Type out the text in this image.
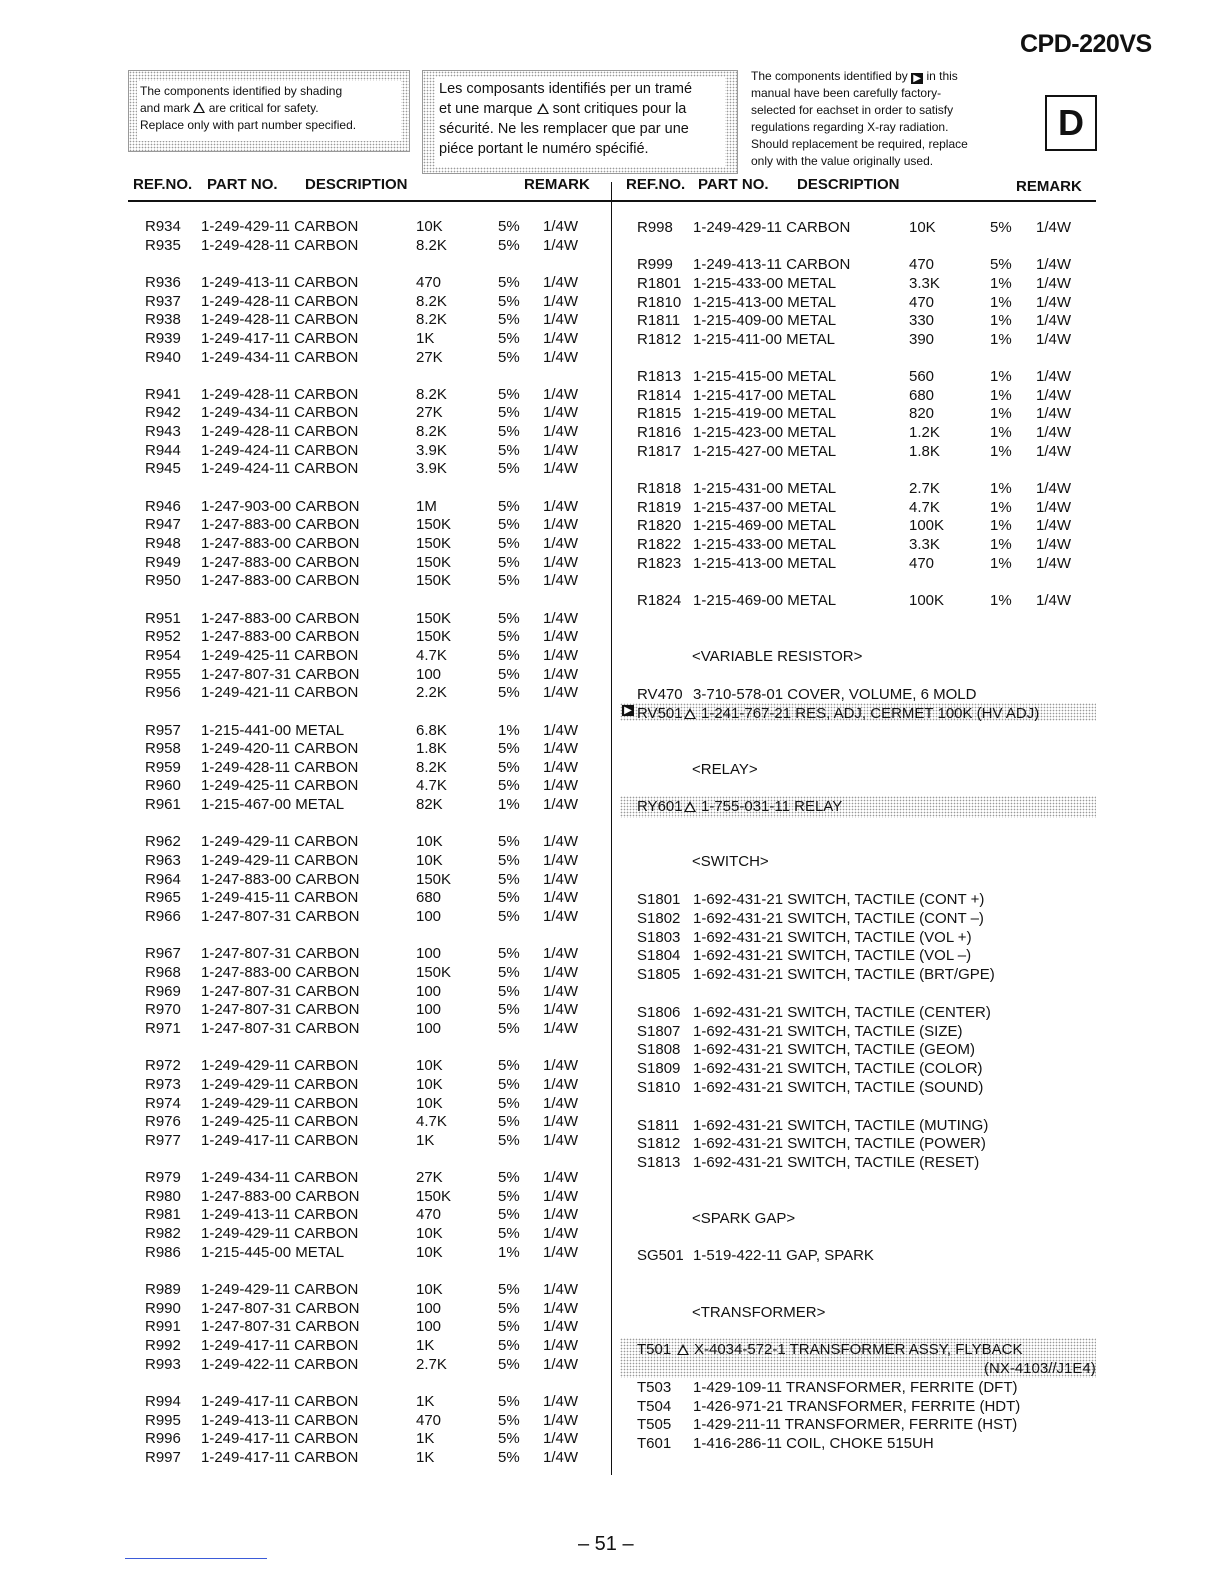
CPD-220VS
The components identified by shading
and mark are critical for safety.
Replace only with part number specified.
Les composants identifiés per un tramé
et une marque sont critiques pour la
sécurité. Ne les remplacer que par une
piéce portant le numéro spécifié.
The components identified by ▶ in this
manual have been carefully factory-
selected for eachset in order to satisfy
regulations regarding X-ray radiation.
Should replacement be required, replace
only with the value originally used.
D
REF.NO. PART NO. DESCRIPTION	REMARK REF.NO. PART NO. DESCRIPTION	REMARK
R934 1-249-429-11 CARBON	10K	5% 1/4W
R935 1-249-428-11 CARBON	8.2K	5% 1/4W
R936 1-249-413-11 CARBON	470	5% 1/4W
R937 1-249-428-11 CARBON	8.2K	5% 1/4W
R938 1-249-428-11 CARBON	8.2K	5% 1/4W
R939 1-249-417-11 CARBON	1K	5% 1/4W
R940 1-249-434-11 CARBON	27K	5% 1/4W
R941 1-249-428-11 CARBON	8.2K	5% 1/4W
R942 1-249-434-11 CARBON	27K	5% 1/4W
R943 1-249-428-11 CARBON	8.2K	5% 1/4W
R944 1-249-424-11 CARBON	3.9K	5% 1/4W
R945 1-249-424-11 CARBON	3.9K	5% 1/4W
R946 1-247-903-00 CARBON	1M	5% 1/4W
R947 1-247-883-00 CARBON	150K	5% 1/4W
R948 1-247-883-00 CARBON	150K	5% 1/4W
R949 1-247-883-00 CARBON	150K	5% 1/4W
R950 1-247-883-00 CARBON	150K	5% 1/4W
R951 1-247-883-00 CARBON	150K	5% 1/4W
R952 1-247-883-00 CARBON	150K	5% 1/4W
R954 1-249-425-11 CARBON	4.7K	5% 1/4W
R955 1-247-807-31 CARBON	100	5% 1/4W
R956 1-249-421-11 CARBON	2.2K	5% 1/4W
R957 1-215-441-00 METAL	6.8K	1% 1/4W
R958 1-249-420-11 CARBON	1.8K	5% 1/4W
R959 1-249-428-11 CARBON	8.2K	5% 1/4W
R960 1-249-425-11 CARBON	4.7K	5% 1/4W
R961 1-215-467-00 METAL	82K	1% 1/4W
R962 1-249-429-11 CARBON	10K	5% 1/4W
R963 1-249-429-11 CARBON	10K	5% 1/4W
R964 1-247-883-00 CARBON	150K	5% 1/4W
R965 1-249-415-11 CARBON	680	5% 1/4W
R966 1-247-807-31 CARBON	100	5% 1/4W
R967 1-247-807-31 CARBON	100	5% 1/4W
R968 1-247-883-00 CARBON	150K	5% 1/4W
R969 1-247-807-31 CARBON	100	5% 1/4W
R970 1-247-807-31 CARBON	100	5% 1/4W
R971 1-247-807-31 CARBON	100	5% 1/4W
R972 1-249-429-11 CARBON	10K	5% 1/4W
R973 1-249-429-11 CARBON	10K	5% 1/4W
R974 1-249-429-11 CARBON	10K	5% 1/4W
R976 1-249-425-11 CARBON	4.7K	5% 1/4W
R977 1-249-417-11 CARBON	1K	5% 1/4W
R979 1-249-434-11 CARBON	27K	5% 1/4W
R980 1-247-883-00 CARBON	150K	5% 1/4W
R981 1-249-413-11 CARBON	470	5% 1/4W
R982 1-249-429-11 CARBON	10K	5% 1/4W
R986 1-215-445-00 METAL	10K	1% 1/4W
R989 1-249-429-11 CARBON	10K	5% 1/4W
R990 1-247-807-31 CARBON	100	5% 1/4W
R991 1-247-807-31 CARBON	100	5% 1/4W
R992 1-249-417-11 CARBON	1K	5% 1/4W
R993 1-249-422-11 CARBON	2.7K	5% 1/4W
R994 1-249-417-11 CARBON	1K	5% 1/4W
R995 1-249-413-11 CARBON	470	5% 1/4W
R996 1-249-417-11 CARBON	1K	5% 1/4W
R997 1-249-417-11 CARBON	1K	5% 1/4W
R998 1-249-429-11 CARBON	10K	5% 1/4W
R999 1-249-413-11 CARBON	470	5% 1/4W
R1801 1-215-433-00 METAL	3.3K	1% 1/4W
R1810 1-215-413-00 METAL	470	1% 1/4W
R1811 1-215-409-00 METAL	330	1% 1/4W
R1812 1-215-411-00 METAL	390	1% 1/4W
R1813 1-215-415-00 METAL	560	1% 1/4W
R1814 1-215-417-00 METAL	680	1% 1/4W
R1815 1-215-419-00 METAL	820	1% 1/4W
R1816 1-215-423-00 METAL	1.2K	1% 1/4W
R1817 1-215-427-00 METAL	1.8K	1% 1/4W
R1818 1-215-431-00 METAL	2.7K	1% 1/4W
R1819 1-215-437-00 METAL	4.7K	1% 1/4W
R1820 1-215-469-00 METAL	100K	1% 1/4W
R1822 1-215-433-00 METAL	3.3K	1% 1/4W
R1823 1-215-413-00 METAL	470	1% 1/4W
R1824 1-215-469-00 METAL	100K	1% 1/4W
<VARIABLE RESISTOR>
RV470 3-710-578-01 COVER, VOLUME, 6 MOLD
▶ RV501 1-241-767-21 RES, ADJ, CERMET 100K (HV ADJ)
<RELAY>
RY601 1-755-031-11 RELAY
<SWITCH>
S1801 1-692-431-21 SWITCH, TACTILE (CONT +)
S1802 1-692-431-21 SWITCH, TACTILE (CONT –)
S1803 1-692-431-21 SWITCH, TACTILE (VOL +)
S1804 1-692-431-21 SWITCH, TACTILE (VOL –)
S1805 1-692-431-21 SWITCH, TACTILE (BRT/GPE)
S1806 1-692-431-21 SWITCH, TACTILE (CENTER)
S1807 1-692-431-21 SWITCH, TACTILE (SIZE)
S1808 1-692-431-21 SWITCH, TACTILE (GEOM)
S1809 1-692-431-21 SWITCH, TACTILE (COLOR)
S1810 1-692-431-21 SWITCH, TACTILE (SOUND)
S1811 1-692-431-21 SWITCH, TACTILE (MUTING)
S1812 1-692-431-21 SWITCH, TACTILE (POWER)
S1813 1-692-431-21 SWITCH, TACTILE (RESET)
<SPARK GAP>
SG501 1-519-422-11 GAP, SPARK
<TRANSFORMER>
T501 X-4034-572-1 TRANSFORMER ASSY, FLYBACK
(NX-4103//J1E4)
T503 1-429-109-11 TRANSFORMER, FERRITE (DFT)
T504 1-426-971-21 TRANSFORMER, FERRITE (HDT)
T505 1-429-211-11 TRANSFORMER, FERRITE (HST)
T601 1-416-286-11 COIL, CHOKE 515UH
– 51 –
